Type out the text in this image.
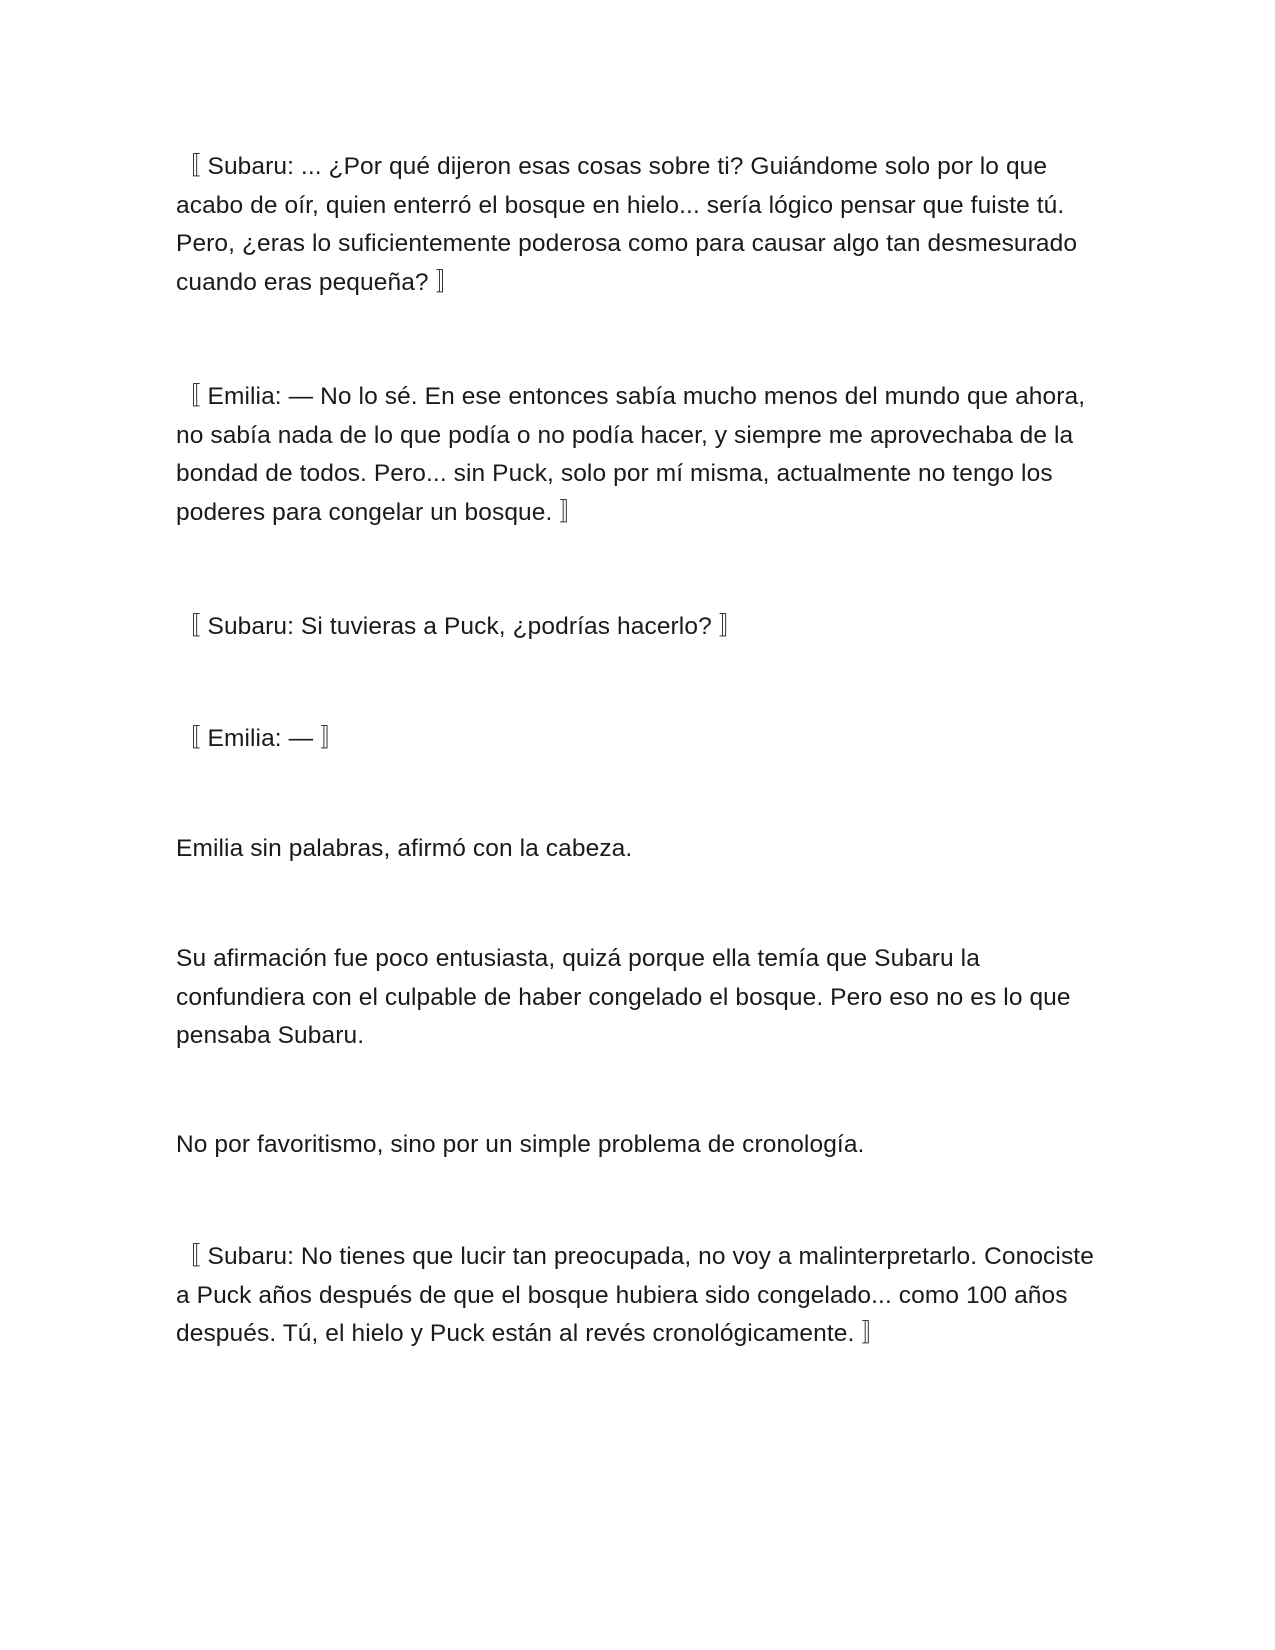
〚 Subaru: ... ¿Por qué dijeron esas cosas sobre ti? Guiándome solo por lo que acabo de oír, quien enterró el bosque en hielo... sería lógico pensar que fuiste tú. Pero, ¿eras lo suficientemente poderosa como para causar algo tan desmesurado cuando eras pequeña? 〛

〚 Emilia: — No lo sé. En ese entonces sabía mucho menos del mundo que ahora, no sabía nada de lo que podía o no podía hacer, y siempre me aprovechaba de la bondad de todos. Pero... sin Puck, solo por mí misma, actualmente no tengo los poderes para congelar un bosque. 〛

〚 Subaru: Si tuvieras a Puck, ¿podrías hacerlo? 〛

〚 Emilia: — 〛

Emilia sin palabras, afirmó con la cabeza.

Su afirmación fue poco entusiasta, quizá porque ella temía que Subaru la confundiera con el culpable de haber congelado el bosque. Pero eso no es lo que pensaba Subaru.

No por favoritismo, sino por un simple problema de cronología.

〚 Subaru: No tienes que lucir tan preocupada, no voy a malinterpretarlo. Conociste a Puck años después de que el bosque hubiera sido congelado... como 100 años después. Tú, el hielo y Puck están al revés cronológicamente. 〛
